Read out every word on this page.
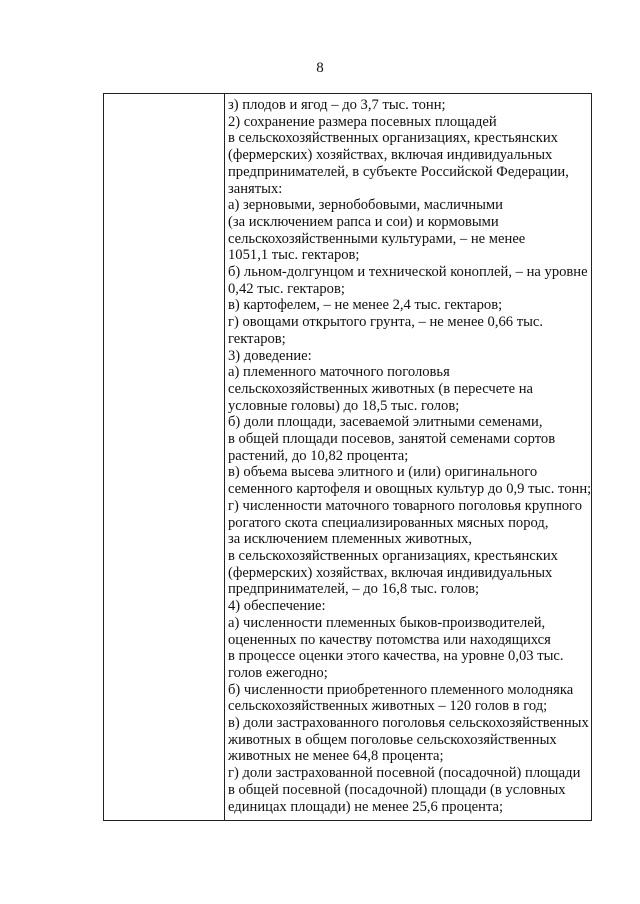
8
з) плодов и ягод – до 3,7 тыс. тонн;
2) сохранение размера посевных площадей
в сельскохозяйственных организациях, крестьянских
(фермерских) хозяйствах, включая индивидуальных
предпринимателей, в субъекте Российской Федерации,
занятых:
а) зерновыми, зернобобовыми, масличными
(за исключением рапса и сои) и кормовыми
сельскохозяйственными культурами, – не менее
1051,1 тыс. гектаров;
б) льном-долгунцом и технической коноплей, – на уровне
0,42 тыс. гектаров;
в) картофелем, – не менее 2,4 тыс. гектаров;
г) овощами открытого грунта, – не менее 0,66 тыс.
гектаров;
3) доведение:
а) племенного маточного поголовья
сельскохозяйственных животных (в пересчете на
условные головы) до 18,5 тыс. голов;
б) доли площади, засеваемой элитными семенами,
в общей площади посевов, занятой семенами сортов
растений, до 10,82 процента;
в) объема высева элитного и (или) оригинального
семенного картофеля и овощных культур до 0,9 тыс. тонн;
г) численности маточного товарного поголовья крупного
рогатого скота специализированных мясных пород,
за исключением племенных животных,
в сельскохозяйственных организациях, крестьянских
(фермерских) хозяйствах, включая индивидуальных
предпринимателей, – до 16,8 тыс. голов;
4) обеспечение:
а) численности племенных быков-производителей,
оцененных по качеству потомства или находящихся
в процессе оценки этого качества, на уровне 0,03 тыс.
голов ежегодно;
б) численности приобретенного племенного молодняка
сельскохозяйственных животных – 120 голов в год;
в) доли застрахованного поголовья сельскохозяйственных
животных в общем поголовье сельскохозяйственных
животных не менее 64,8 процента;
г) доли застрахованной посевной (посадочной) площади
в общей посевной (посадочной) площади (в условных
единицах площади) не менее 25,6 процента;
